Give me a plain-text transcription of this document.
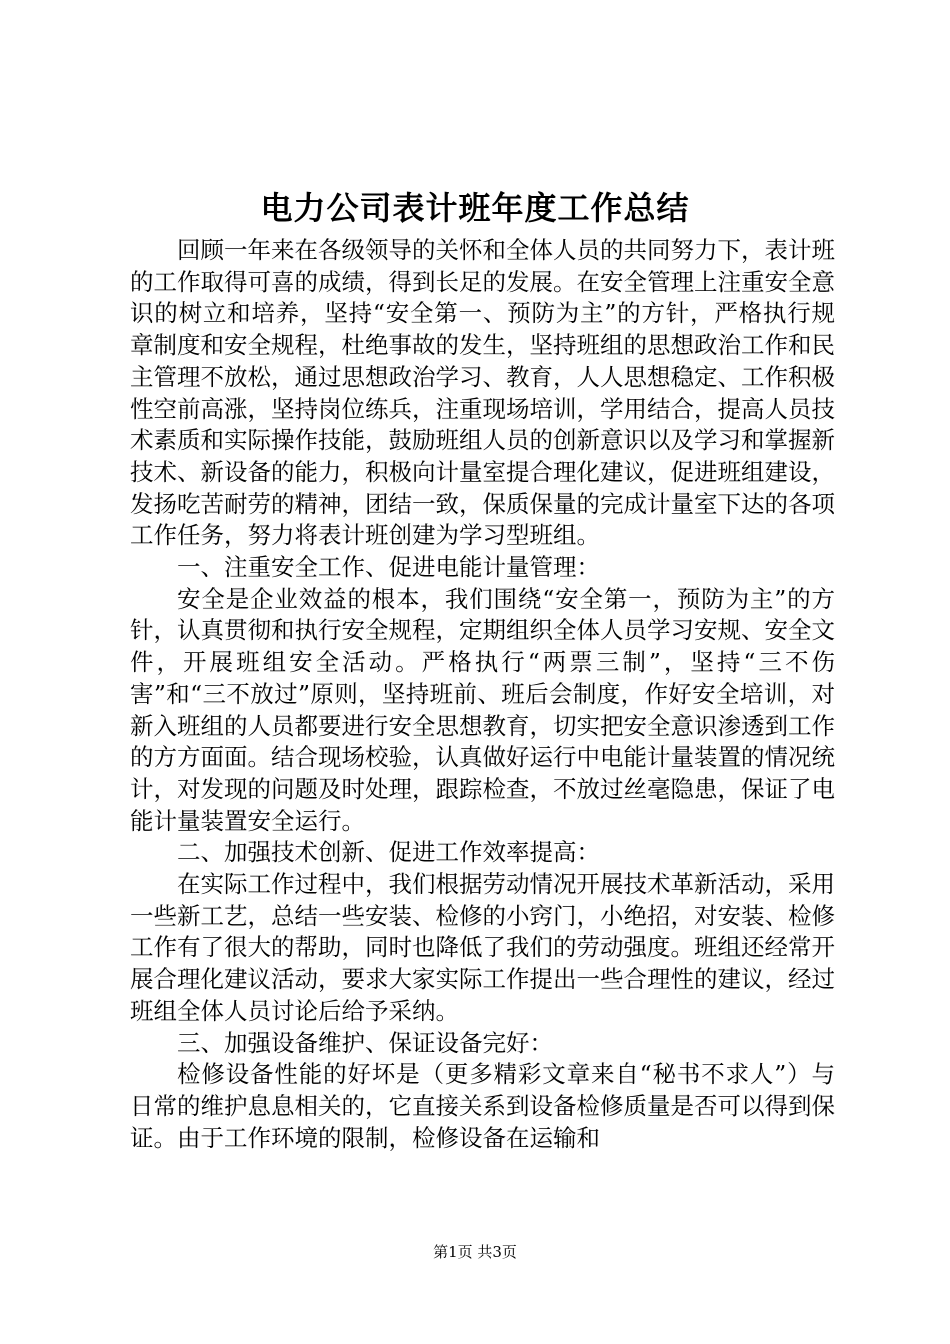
电力公司表计班年度工作总结

回顾一年来在各级领导的关怀和全体人员的共同努力下，表计班的工作取得可喜的成绩，得到长足的发展。在安全管理上注重安全意识的树立和培养，坚持“安全第一、预防为主”的方针，严格执行规章制度和安全规程，杜绝事故的发生，坚持班组的思想政治工作和民主管理不放松，通过思想政治学习、教育，人人思想稳定、工作积极性空前高涨，坚持岗位练兵，注重现场培训，学用结合，提高人员技术素质和实际操作技能，鼓励班组人员的创新意识以及学习和掌握新技术、新设备的能力，积极向计量室提合理化建议，促进班组建设，发扬吃苦耐劳的精神，团结一致，保质保量的完成计量室下达的各项工作任务，努力将表计班创建为学习型班组。

一、注重安全工作、促进电能计量管理：

安全是企业效益的根本，我们围绕“安全第一，预防为主”的方针，认真贯彻和执行安全规程，定期组织全体人员学习安规、安全文件，开展班组安全活动。严格执行“两票三制”，坚持“三不伤害”和“三不放过”原则，坚持班前、班后会制度，作好安全培训，对新入班组的人员都要进行安全思想教育，切实把安全意识渗透到工作的方方面面。结合现场校验，认真做好运行中电能计量装置的情况统计，对发现的问题及时处理，跟踪检查，不放过丝毫隐患，保证了电能计量装置安全运行。

二、加强技术创新、促进工作效率提高：

在实际工作过程中，我们根据劳动情况开展技术革新活动，采用一些新工艺，总结一些安装、检修的小窍门，小绝招，对安装、检修工作有了很大的帮助，同时也降低了我们的劳动强度。班组还经常开展合理化建议活动，要求大家实际工作提出一些合理性的建议，经过班组全体人员讨论后给予采纳。

三、加强设备维护、保证设备完好：

检修设备性能的好坏是（更多精彩文章来自“秘书不求人”）与日常的维护息息相关的，它直接关系到设备检修质量是否可以得到保证。由于工作环境的限制，检修设备在运输和

第1页 共3页
